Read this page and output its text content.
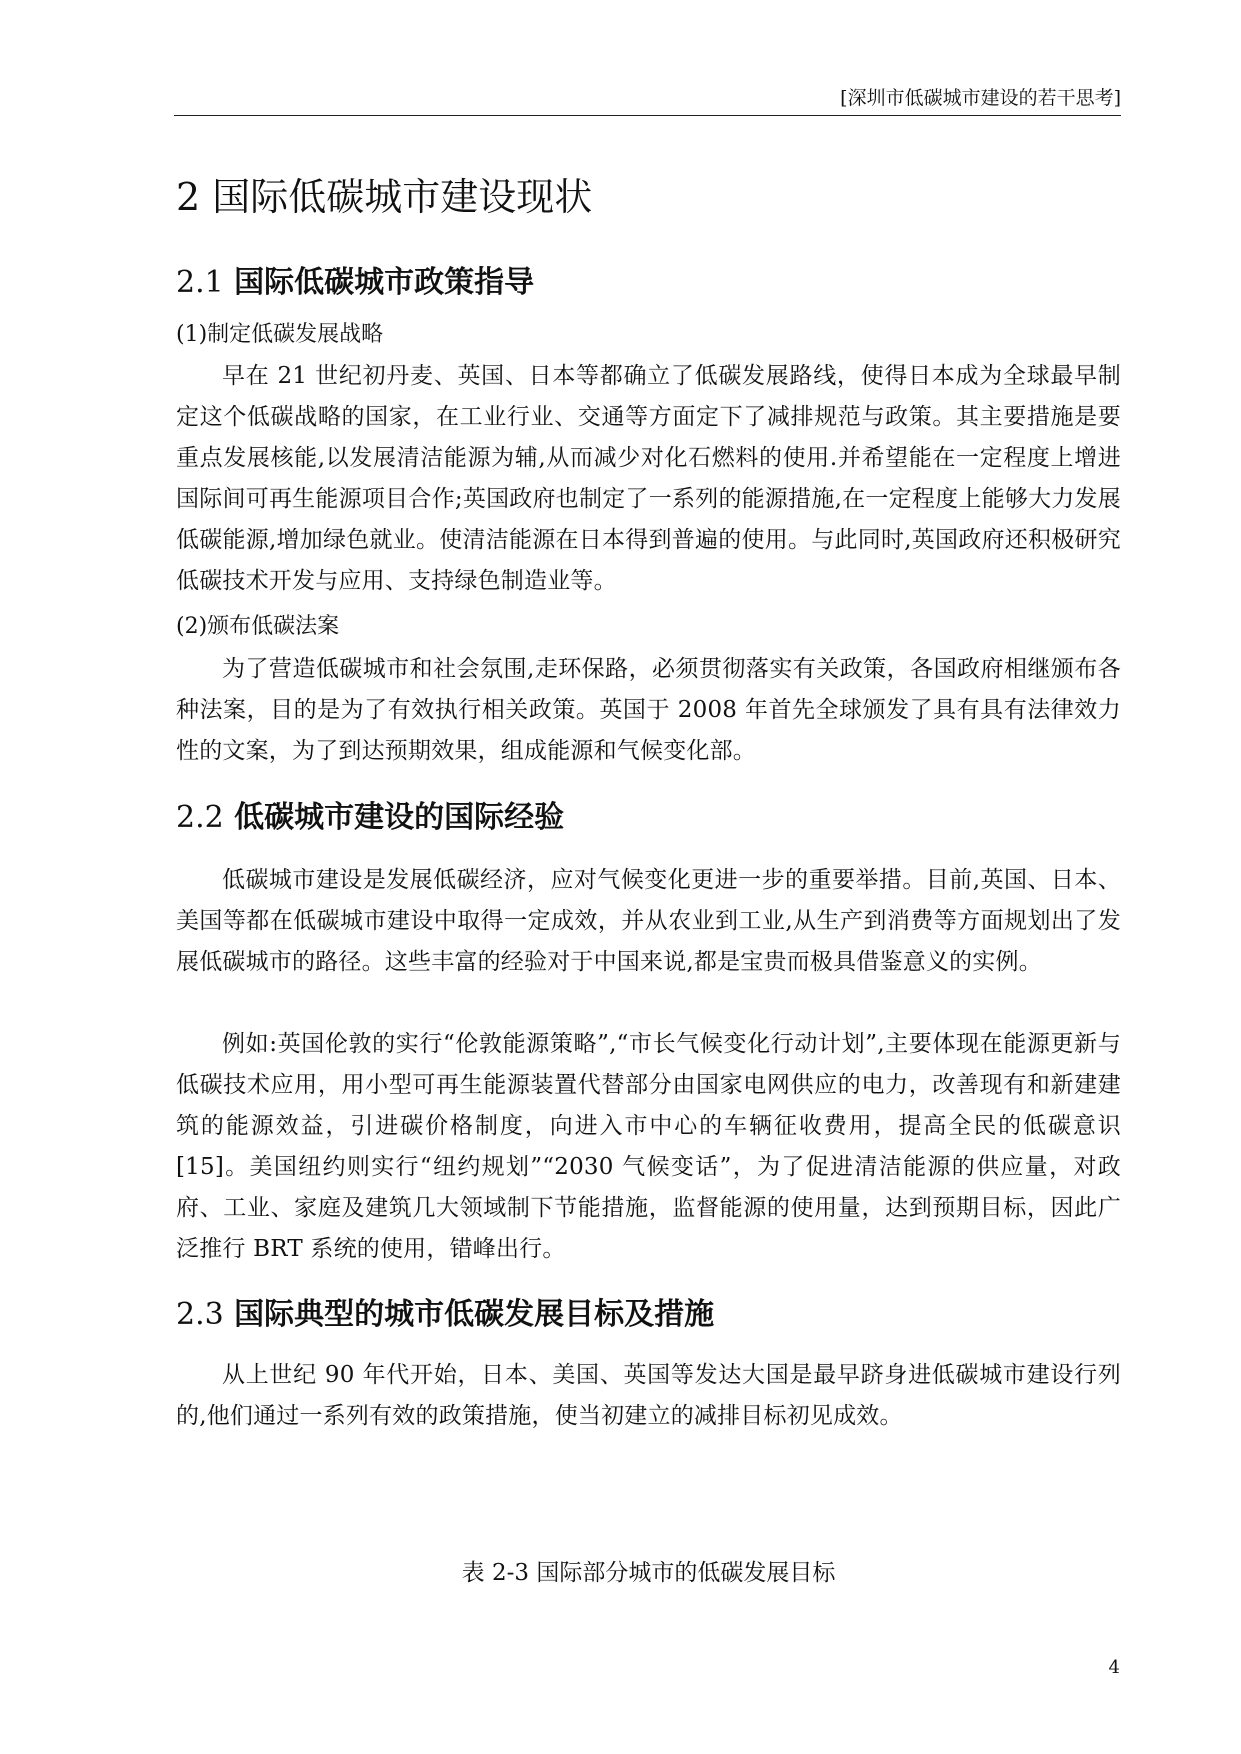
[深圳市低碳城市建设的若干思考]
2 国际低碳城市建设现状
2.1 国际低碳城市政策指导

(1)制定低碳发展战略

早在 21 世纪初丹麦、英国、日本等都确立了低碳发展路线，使得日本成为全球最早制定这个低碳战略的国家，在工业行业、交通等方面定下了减排规范与政策。其主要措施是要重点发展核能,以发展清洁能源为辅,从而减少对化石燃料的使用.并希望能在一定程度上增进国际间可再生能源项目合作;英国政府也制定了一系列的能源措施,在一定程度上能够大力发展低碳能源,增加绿色就业。使清洁能源在日本得到普遍的使用。与此同时,英国政府还积极研究低碳技术开发与应用、支持绿色制造业等。

(2)颁布低碳法案

为了营造低碳城市和社会氛围,走环保路，必须贯彻落实有关政策，各国政府相继颁布各种法案，目的是为了有效执行相关政策。英国于 2008 年首先全球颁发了具有具有法律效力性的文案，为了到达预期效果，组成能源和气候变化部。

2.2 低碳城市建设的国际经验

低碳城市建设是发展低碳经济，应对气候变化更进一步的重要举措。目前,英国、日本、美国等都在低碳城市建设中取得一定成效，并从农业到工业,从生产到消费等方面规划出了发展低碳城市的路径。这些丰富的经验对于中国来说,都是宝贵而极具借鉴意义的实例。

例如:英国伦敦的实行“伦敦能源策略”,“市长气候变化行动计划”,主要体现在能源更新与低碳技术应用，用小型可再生能源装置代替部分由国家电网供应的电力，改善现有和新建建筑的能源效益，引进碳价格制度，向进入市中心的车辆征收费用，提高全民的低碳意识[15]。美国纽约则实行“纽约规划”“2030 气候变话”，为了促进清洁能源的供应量，对政府、工业、家庭及建筑几大领域制下节能措施，监督能源的使用量，达到预期目标，因此广泛推行 BRT 系统的使用，错峰出行。

2.3 国际典型的城市低碳发展目标及措施

从上世纪 90 年代开始，日本、美国、英国等发达大国是最早跻身进低碳城市建设行列的,他们通过一系列有效的政策措施，使当初建立的减排目标初见成效。

表 2-3 国际部分城市的低碳发展目标
4
